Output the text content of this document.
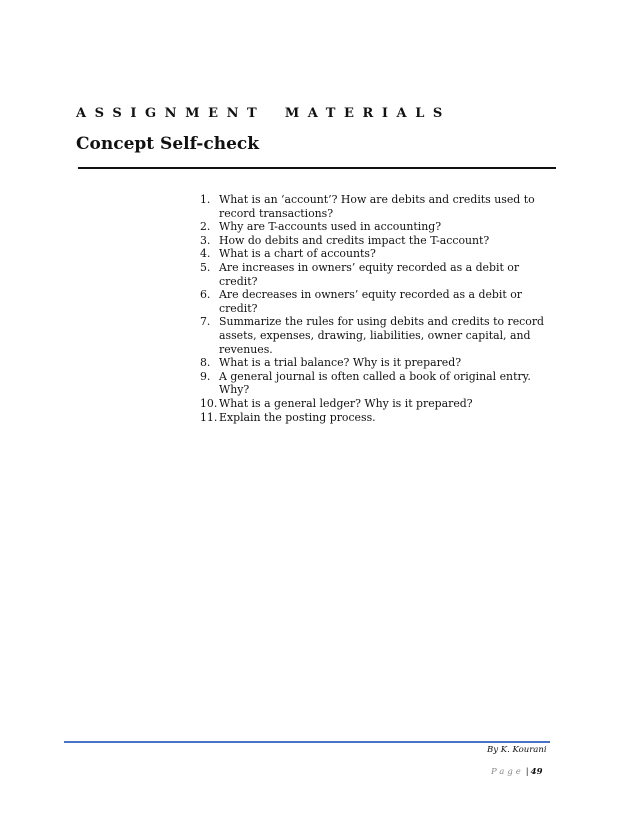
ASSIGNMENT MATERIALS
Concept Self-check
1. What is an ‘account’? How are debits and credits used to record transactions?
2. Why are T-accounts used in accounting?
3. How do debits and credits impact the T-account?
4. What is a chart of accounts?
5. Are increases in owners’ equity recorded as a debit or credit?
6. Are decreases in owners’ equity recorded as a debit or credit?
7. Summarize the rules for using debits and credits to record assets, expenses, drawing, liabilities, owner capital, and revenues.
8. What is a trial balance? Why is it prepared?
9. A general journal is often called a book of original entry. Why?
10. What is a general ledger? Why is it prepared?
11. Explain the posting process.
By K. Kourani
Page | 49
